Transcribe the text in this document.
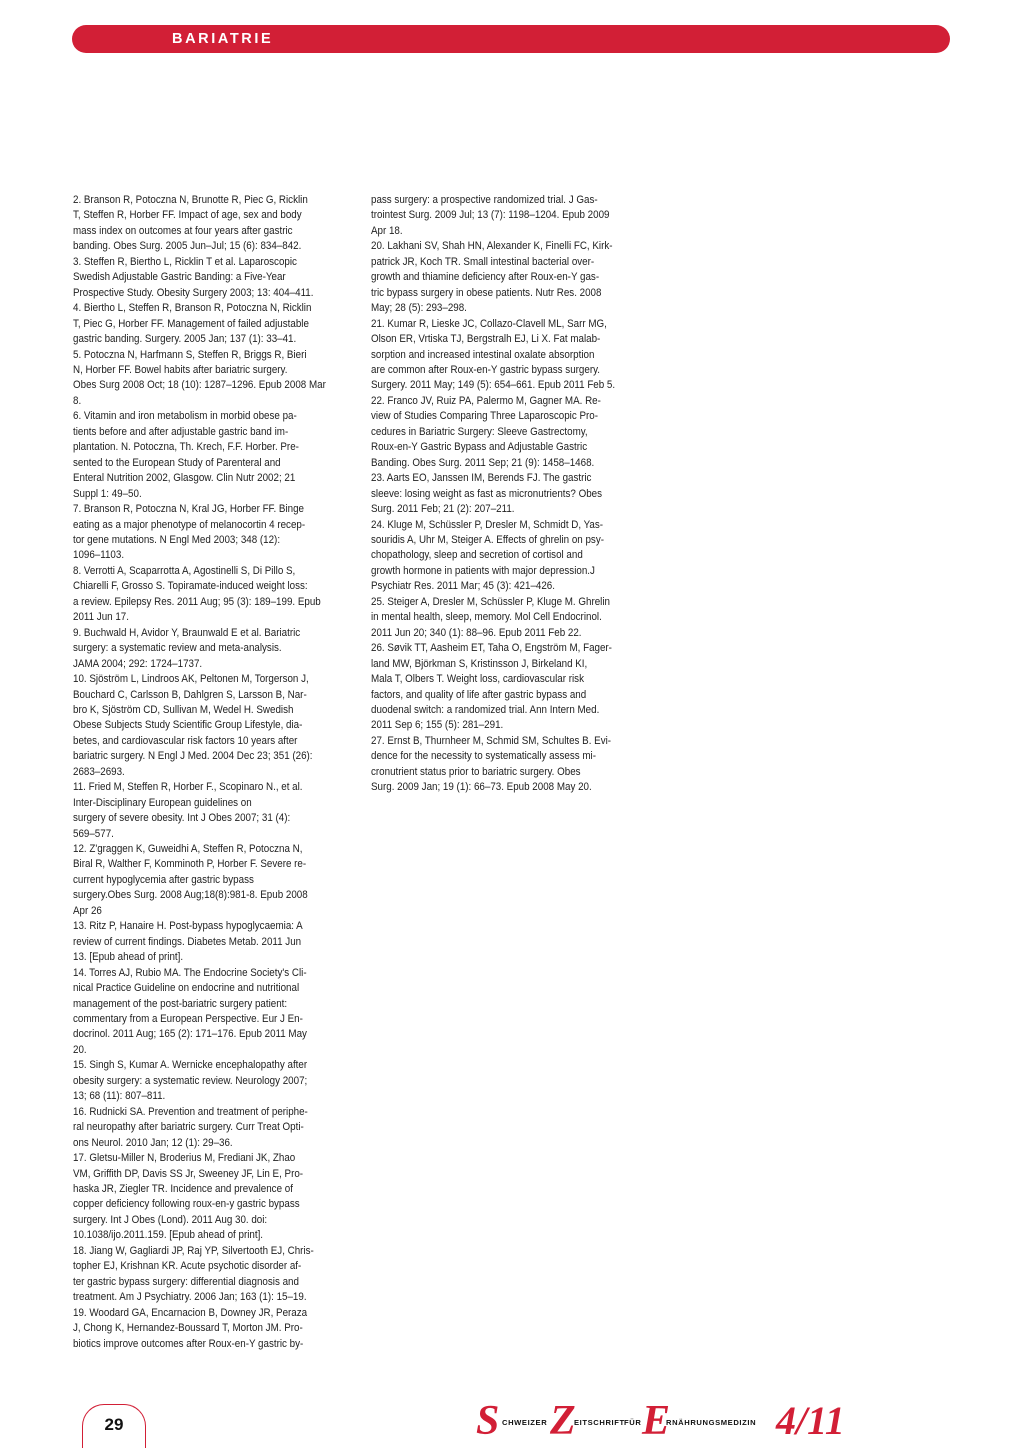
BARIATRIE

2. Branson R, Potoczna N, Brunotte R, Piec G, Ricklin
T, Steffen R, Horber FF. Impact of age, sex and body
mass index on outcomes at four years after gastric
banding. Obes Surg. 2005 Jun–Jul; 15 (6): 834–842.

3. Steffen R, Biertho L, Ricklin T et al. Laparoscopic
Swedish Adjustable Gastric Banding: a Five-Year
Prospective Study. Obesity Surgery 2003; 13: 404–411.

4. Biertho L, Steffen R, Branson R, Potoczna N, Ricklin
T, Piec G, Horber FF. Management of failed adjustable
gastric banding. Surgery. 2005 Jan; 137 (1): 33–41.

5. Potoczna N, Harfmann S, Steffen R, Briggs R, Bieri
N, Horber FF. Bowel habits after bariatric surgery.
Obes Surg 2008 Oct; 18 (10): 1287–1296. Epub 2008 Mar
8.

6. Vitamin and iron metabolism in morbid obese pa-
tients before and after adjustable gastric band im-
plantation. N. Potoczna, Th. Krech, F.F. Horber. Pre-
sented to the European Study of Parenteral and
Enteral Nutrition 2002, Glasgow. Clin Nutr 2002; 21
Suppl 1: 49–50.

7. Branson R, Potoczna N, Kral JG, Horber FF. Binge
eating as a major phenotype of melanocortin 4 recep-
tor gene mutations. N Engl Med 2003; 348 (12):
1096–1103.

8. Verrotti A, Scaparrotta A, Agostinelli S, Di Pillo S,
Chiarelli F, Grosso S. Topiramate-induced weight loss:
a review. Epilepsy Res. 2011 Aug; 95 (3): 189–199. Epub
2011 Jun 17.

9. Buchwald H, Avidor Y, Braunwald E et al. Bariatric
surgery: a systematic review and meta-analysis.
JAMA 2004; 292: 1724–1737.

10. Sjöström L, Lindroos AK, Peltonen M, Torgerson J,
Bouchard C, Carlsson B, Dahlgren S, Larsson B, Nar-
bro K, Sjöström CD, Sullivan M, Wedel H. Swedish
Obese Subjects Study Scientific Group Lifestyle, dia-
betes, and cardiovascular risk factors 10 years after
bariatric surgery. N Engl J Med. 2004 Dec 23; 351 (26):
2683–2693.

11. Fried M, Steffen R, Horber F., Scopinaro N., et al.
Inter-Disciplinary European guidelines on
surgery of severe obesity. Int J Obes 2007; 31 (4):
569–577.

12. Z'graggen K, Guweidhi A, Steffen R, Potoczna N,
Biral R, Walther F, Komminoth P, Horber F. Severe re-
current hypoglycemia after gastric bypass
surgery.Obes Surg. 2008 Aug;18(8):981-8. Epub 2008
Apr 26

13. Ritz P, Hanaire H. Post-bypass hypoglycaemia: A
review of current findings. Diabetes Metab. 2011 Jun
13. [Epub ahead of print].

14. Torres AJ, Rubio MA. The Endocrine Society's Cli-
nical Practice Guideline on endocrine and nutritional
management of the post-bariatric surgery patient:
commentary from a European Perspective. Eur J En-
docrinol. 2011 Aug; 165 (2): 171–176. Epub 2011 May
20.

15. Singh S, Kumar A. Wernicke encephalopathy after
obesity surgery: a systematic review. Neurology 2007;
13; 68 (11): 807–811.

16. Rudnicki SA. Prevention and treatment of periphe-
ral neuropathy after bariatric surgery. Curr Treat Opti-
ons Neurol. 2010 Jan; 12 (1): 29–36.

17. Gletsu-Miller N, Broderius M, Frediani JK, Zhao
VM, Griffith DP, Davis SS Jr, Sweeney JF, Lin E, Pro-
haska JR, Ziegler TR. Incidence and prevalence of
copper deficiency following roux-en-y gastric bypass
surgery. Int J Obes (Lond). 2011 Aug 30. doi:
10.1038/ijo.2011.159. [Epub ahead of print].

18. Jiang W, Gagliardi JP, Raj YP, Silvertooth EJ, Chris-
topher EJ, Krishnan KR. Acute psychotic disorder af-
ter gastric bypass surgery: differential diagnosis and
treatment. Am J Psychiatry. 2006 Jan; 163 (1): 15–19.

19. Woodard GA, Encarnacion B, Downey JR, Peraza
J, Chong K, Hernandez-Boussard T, Morton JM. Pro-
biotics improve outcomes after Roux-en-Y gastric by-

pass surgery: a prospective randomized trial. J Gas-
trointest Surg. 2009 Jul; 13 (7): 1198–1204. Epub 2009
Apr 18.

20. Lakhani SV, Shah HN, Alexander K, Finelli FC, Kirk-
patrick JR, Koch TR. Small intestinal bacterial over-
growth and thiamine deficiency after Roux-en-Y gas-
tric bypass surgery in obese patients. Nutr Res. 2008
May; 28 (5): 293–298.

21. Kumar R, Lieske JC, Collazo-Clavell ML, Sarr MG,
Olson ER, Vrtiska TJ, Bergstralh EJ, Li X. Fat malab-
sorption and increased intestinal oxalate absorption
are common after Roux-en-Y gastric bypass surgery.
Surgery. 2011 May; 149 (5): 654–661. Epub 2011 Feb 5.

22. Franco JV, Ruiz PA, Palermo M, Gagner MA. Re-
view of Studies Comparing Three Laparoscopic Pro-
cedures in Bariatric Surgery: Sleeve Gastrectomy,
Roux-en-Y Gastric Bypass and Adjustable Gastric
Banding. Obes Surg. 2011 Sep; 21 (9): 1458–1468.

23. Aarts EO, Janssen IM, Berends FJ. The gastric
sleeve: losing weight as fast as micronutrients? Obes
Surg. 2011 Feb; 21 (2): 207–211.

24. Kluge M, Schüssler P, Dresler M, Schmidt D, Yas-
souridis A, Uhr M, Steiger A. Effects of ghrelin on psy-
chopathology, sleep and secretion of cortisol and
growth hormone in patients with major depression.J
Psychiatr Res. 2011 Mar; 45 (3): 421–426.

25. Steiger A, Dresler M, Schüssler P, Kluge M. Ghrelin
in mental health, sleep, memory. Mol Cell Endocrinol.
2011 Jun 20; 340 (1): 88–96. Epub 2011 Feb 22.

26. Søvik TT, Aasheim ET, Taha O, Engström M, Fager-
land MW, Björkman S, Kristinsson J, Birkeland KI,
Mala T, Olbers T. Weight loss, cardiovascular risk
factors, and quality of life after gastric bypass and
duodenal switch: a randomized trial. Ann Intern Med.
2011 Sep 6; 155 (5): 281–291.

27. Ernst B, Thurnheer M, Schmid SM, Schultes B. Evi-
dence for the necessity to systematically assess mi-
cronutrient status prior to bariatric surgery. Obes
Surg. 2009 Jan; 19 (1): 66–73. Epub 2008 May 20.

29	S CHWEIZER Z
EITSCHRIFT FÜR E
RNÄHRUNGSMEDIZIN 4/11
